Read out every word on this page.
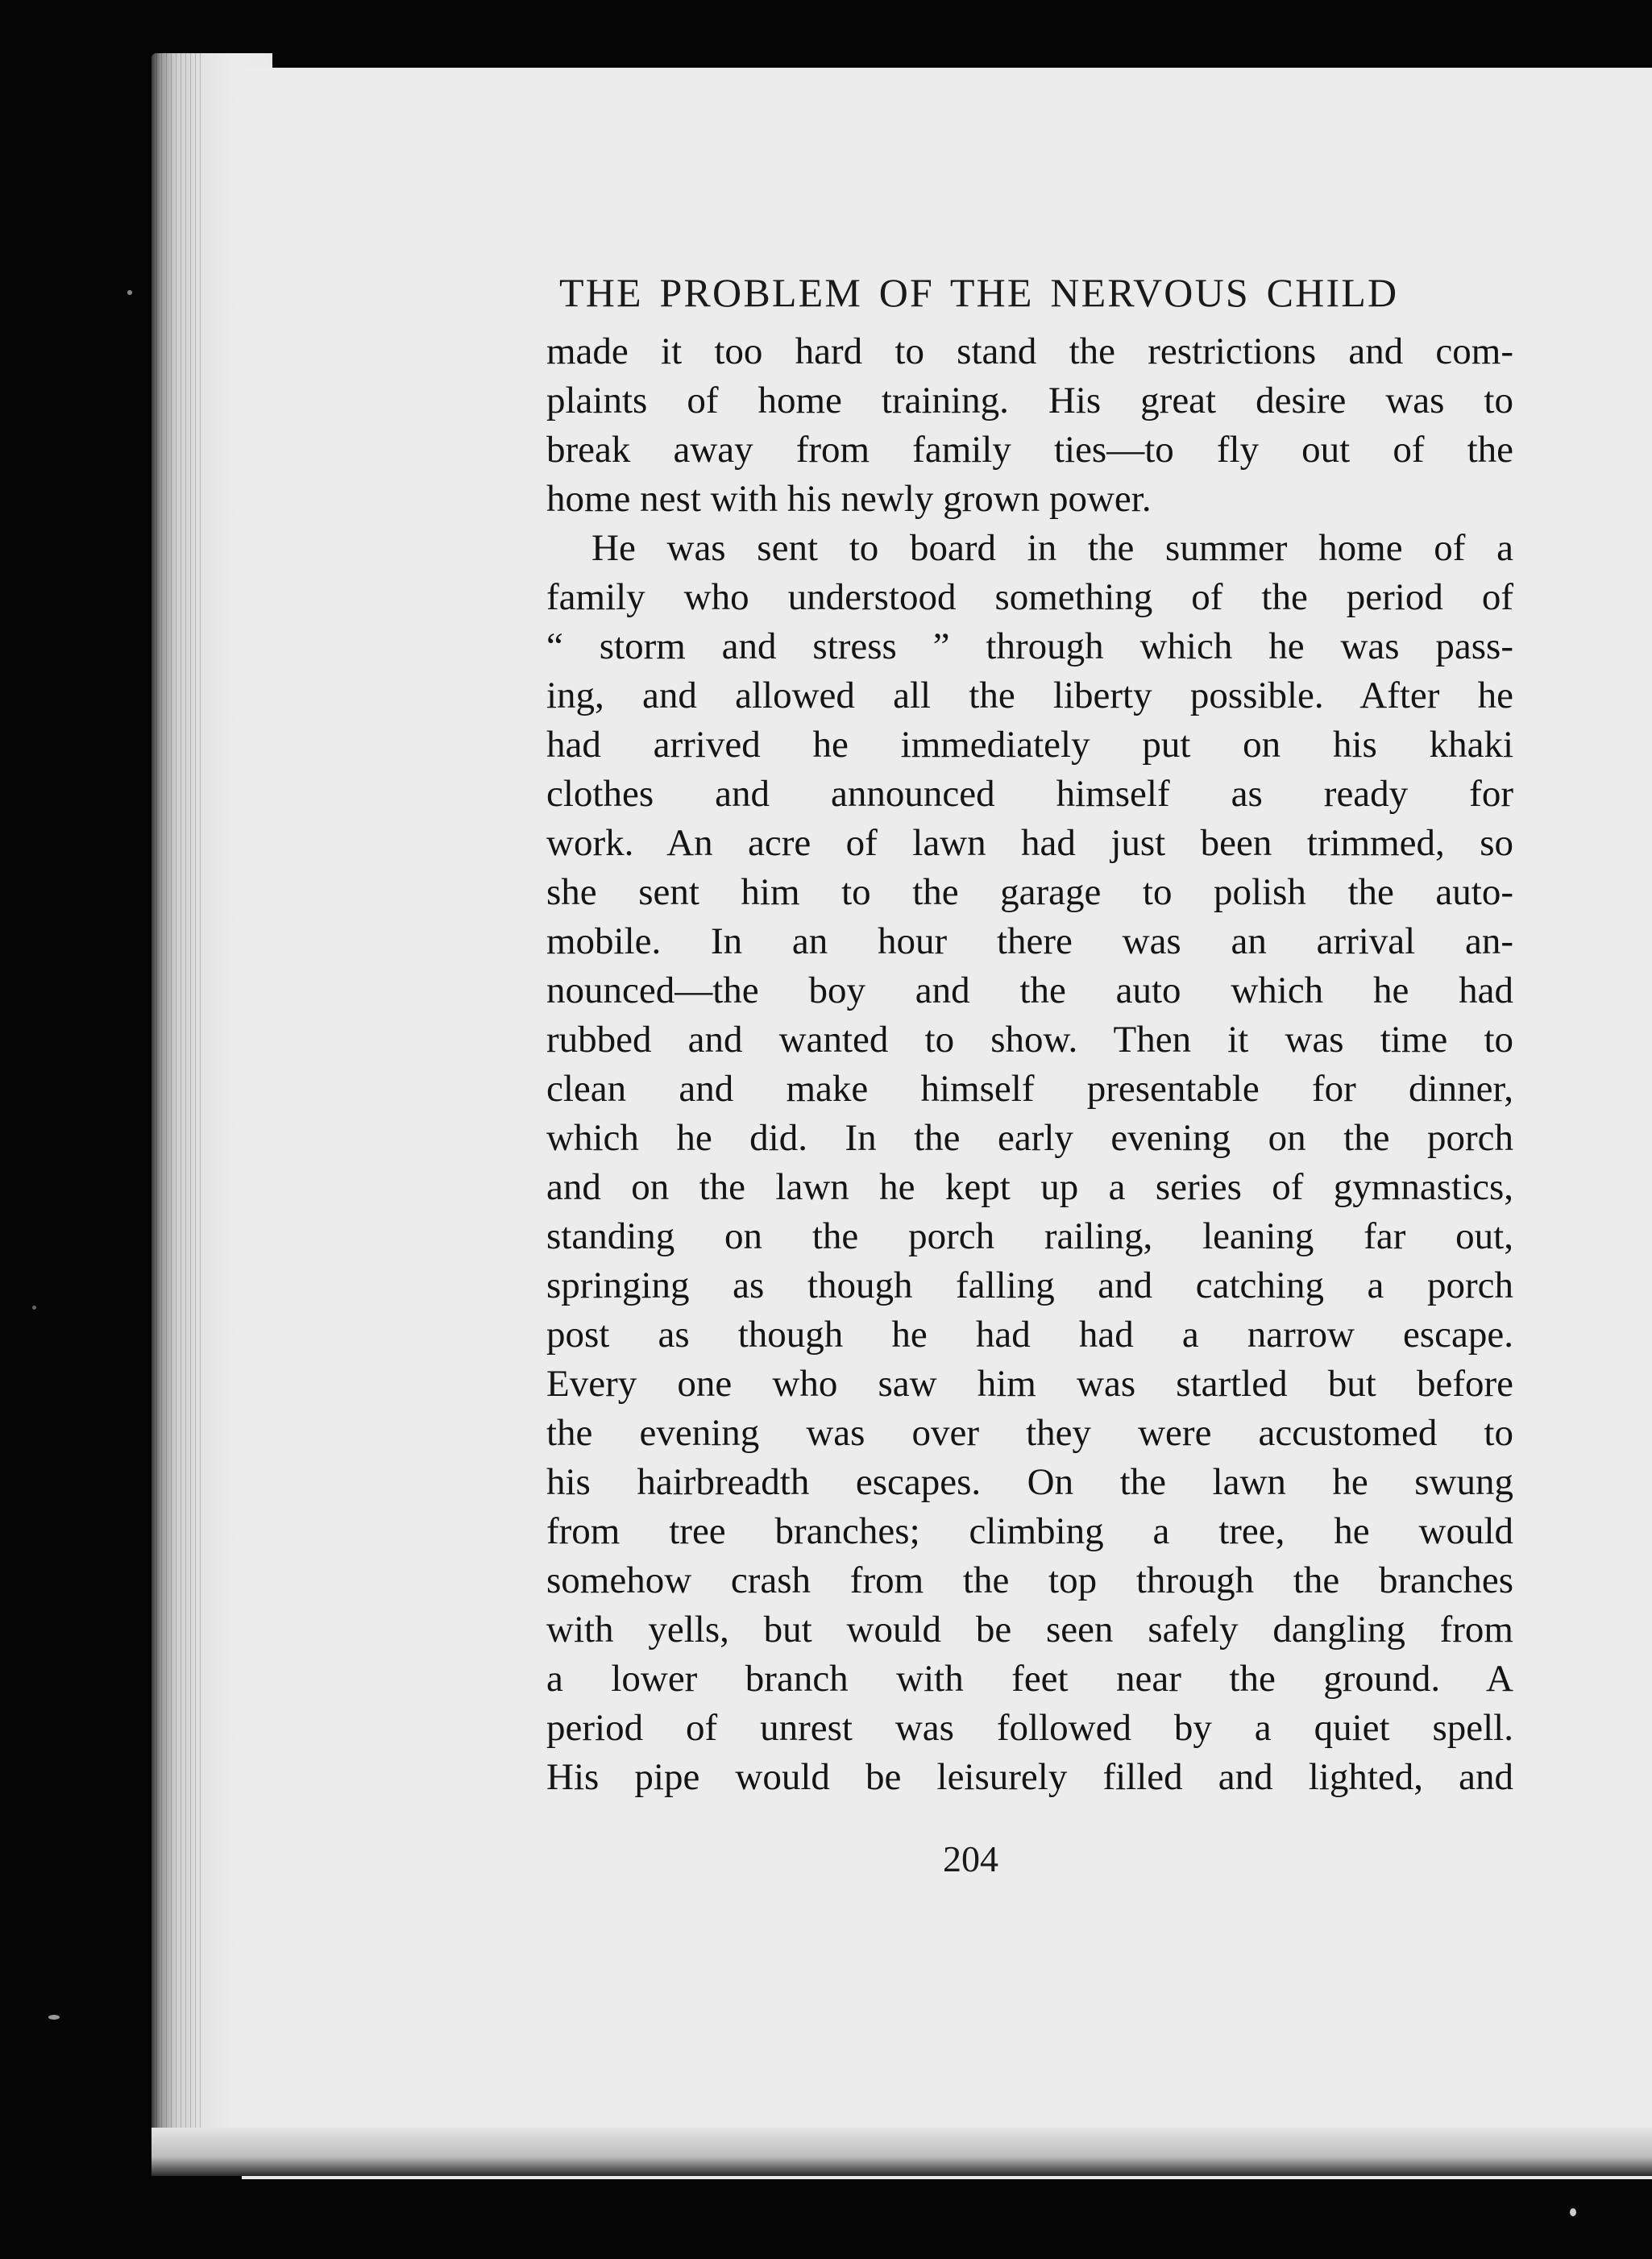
THE PROBLEM OF THE NERVOUS CHILD
made it too hard to stand the restrictions and com-
plaints of home training. His great desire was to
break away from family ties—to fly out of the
home nest with his newly grown power.
He was sent to board in the summer home of a
family who understood something of the period of
“ storm and stress ” through which he was pass-
ing, and allowed all the liberty possible. After he
had arrived he immediately put on his khaki
clothes and announced himself as ready for
work. An acre of lawn had just been trimmed, so
she sent him to the garage to polish the auto-
mobile. In an hour there was an arrival an-
nounced—the boy and the auto which he had
rubbed and wanted to show. Then it was time to
clean and make himself presentable for dinner,
which he did. In the early evening on the porch
and on the lawn he kept up a series of gymnastics,
standing on the porch railing, leaning far out,
springing as though falling and catching a porch
post as though he had had a narrow escape.
Every one who saw him was startled but before
the evening was over they were accustomed to
his hairbreadth escapes. On the lawn he swung
from tree branches; climbing a tree, he would
somehow crash from the top through the branches
with yells, but would be seen safely dangling from
a lower branch with feet near the ground. A
period of unrest was followed by a quiet spell.
His pipe would be leisurely filled and lighted, and
204
